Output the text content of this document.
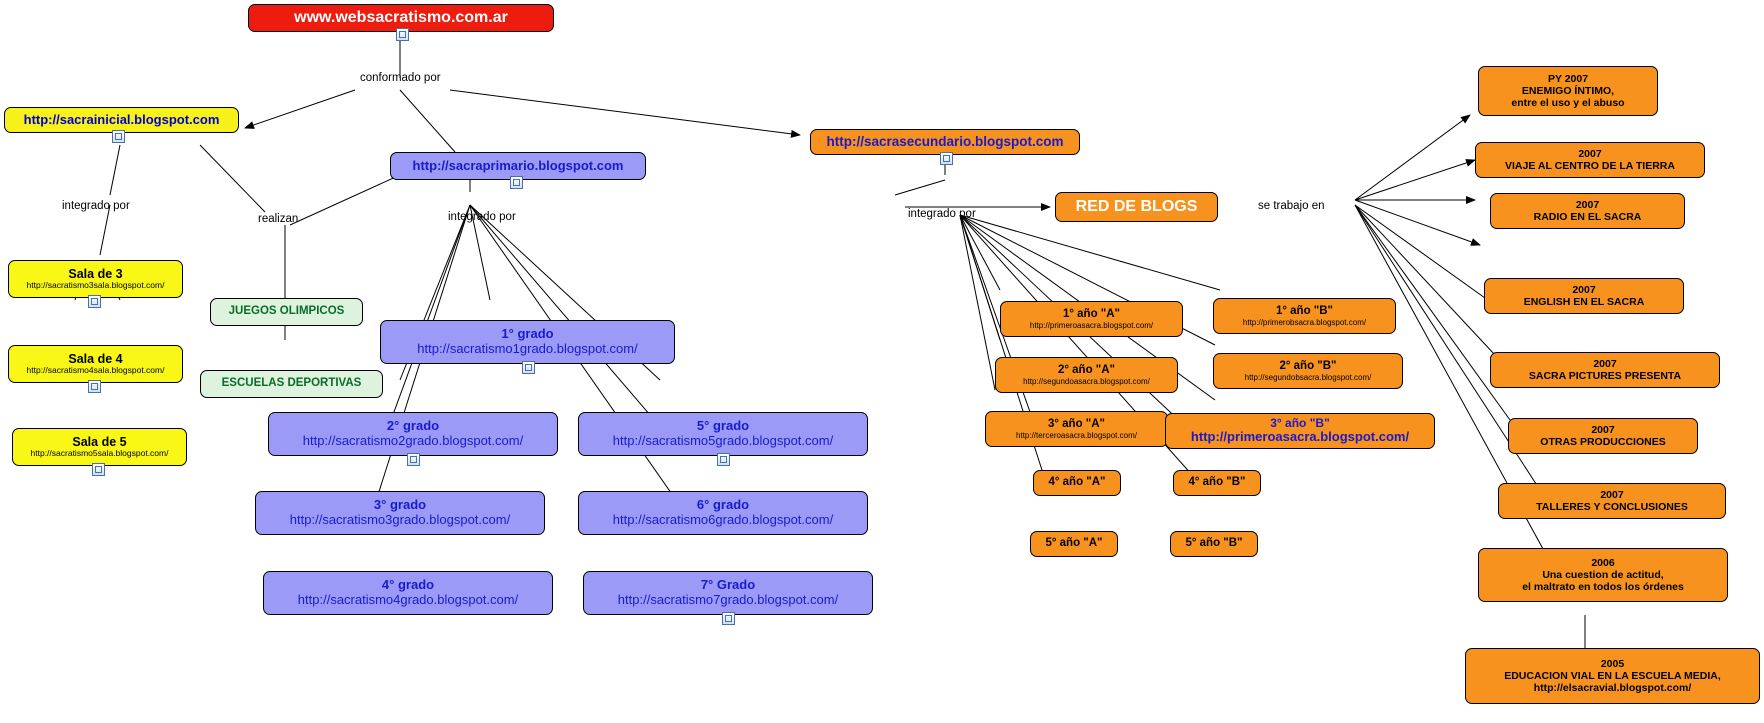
www.websacratismo.com.ar
conformado por
http://sacrainicial.blogspot.com
integrado por
Sala de 3
http://sacratismo3sala.blogspot.com/
Sala de 4
http://sacratismo4sala.blogspot.com/
Sala de 5
http://sacratismo5sala.blogspot.com/
realizan
JUEGOS OLIMPICOS
ESCUELAS DEPORTIVAS
http://sacraprimario.blogspot.com
integrado por
1° grado
http://sacratismo1grado.blogspot.com/
2° grado
http://sacratismo2grado.blogspot.com/
3° grado
http://sacratismo3grado.blogspot.com/
4° grado
http://sacratismo4grado.blogspot.com/
5° grado
http://sacratismo5grado.blogspot.com/
6° grado
http://sacratismo6grado.blogspot.com/
7° Grado
http://sacratismo7grado.blogspot.com/
http://sacrasecundario.blogspot.com
integrado por	RED DE BLOGS	se trabajo en
1° año "A"
http://primeroasacra.blogspot.com/
2° año "A"
http://segundoasacra.blogspot.com/
3° año "A"
http://terceroasacra.blogspot.com/
4° año "A"
5° año "A"
1° año "B"
http://primerobsacra.blogspot.com/
2° año "B"
http://segundobsacra.blogspot.com/
3° año "B"
http://primeroasacra.blogspot.com/
4° año "B"
5° año "B"
PY 2007
ENEMIGO ÍNTIMO,
entre el uso y el abuso
2007
VIAJE AL CENTRO DE LA TIERRA
2007
RADIO EN EL SACRA
2007
ENGLISH EN EL SACRA
2007
SACRA PICTURES PRESENTA
2007
OTRAS PRODUCCIONES
2007
TALLERES Y CONCLUSIONES
2006
Una cuestion de actitud,
el maltrato en todos los órdenes
2005
EDUCACION VIAL EN LA ESCUELA MEDIA,
http://elsacravial.blogspot.com/
